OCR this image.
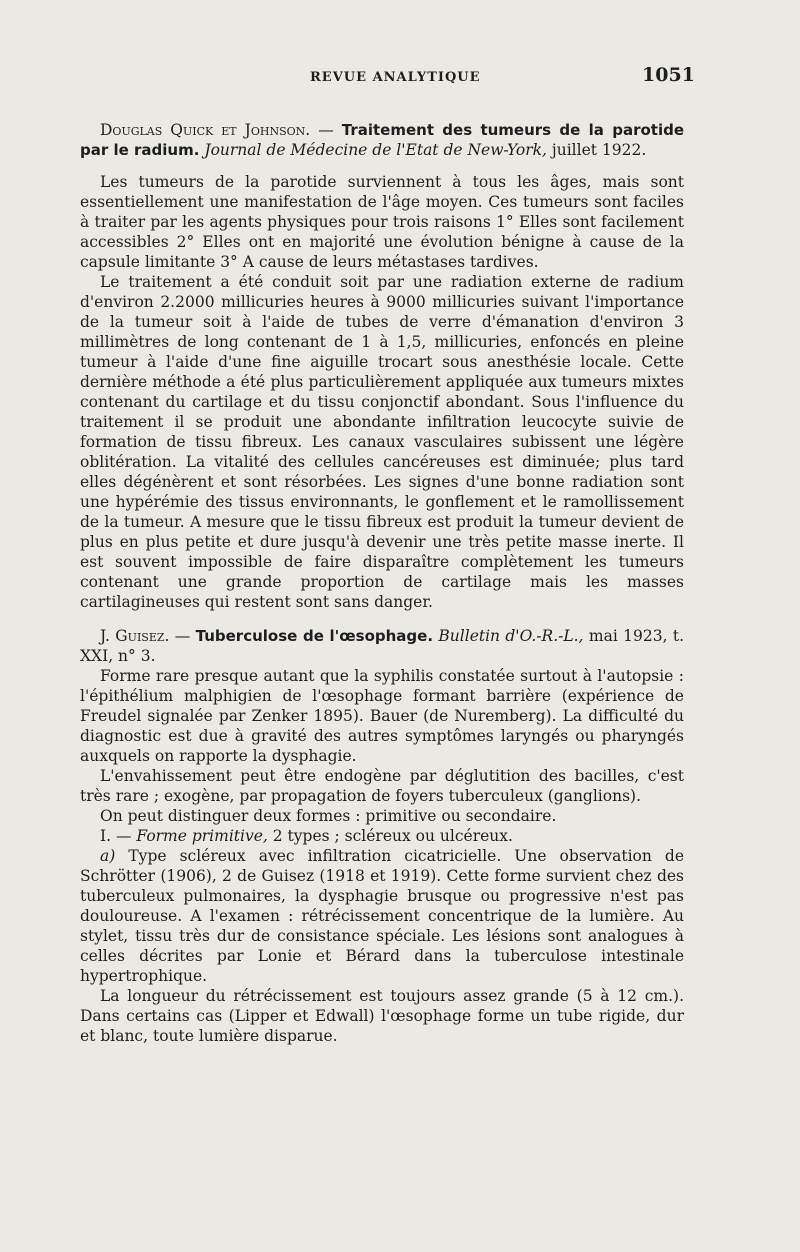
REVUE ANALYTIQUE	1051

Douglas Quick et Johnson. — Traitement des tumeurs de la parotide par le radium. Journal de Médecine de l'Etat de New-York, juillet 1922.

Les tumeurs de la parotide surviennent à tous les âges, mais sont essentiellement une manifestation de l'âge moyen. Ces tumeurs sont faciles à traiter par les agents physiques pour trois raisons 1° Elles sont facilement accessibles 2° Elles ont en majorité une évolution bénigne à cause de la capsule limitante 3° A cause de leurs métastases tardives.

Le traitement a été conduit soit par une radiation externe de radium d'environ 2.2000 millicuries heures à 9000 millicuries suivant l'importance de la tumeur soit à l'aide de tubes de verre d'émanation d'environ 3 millimètres de long contenant de 1 à 1,5, millicuries, enfoncés en pleine tumeur à l'aide d'une fine aiguille trocart sous anesthésie locale. Cette dernière méthode a été plus particulièrement appliquée aux tumeurs mixtes contenant du cartilage et du tissu conjonctif abondant. Sous l'influence du traitement il se produit une abondante infiltration leucocyte suivie de formation de tissu fibreux. Les canaux vasculaires subissent une légère oblitération. La vitalité des cellules cancéreuses est diminuée; plus tard elles dégénèrent et sont résorbées. Les signes d'une bonne radiation sont une hypérémie des tissus environnants, le gonflement et le ramollissement de la tumeur. A mesure que le tissu fibreux est produit la tumeur devient de plus en plus petite et dure jusqu'à devenir une très petite masse inerte. Il est souvent impossible de faire disparaître complètement les tumeurs contenant une grande proportion de cartilage mais les masses cartilagineuses qui restent sont sans danger.

J. Guisez. — Tuberculose de l'œsophage. Bulletin d'O.-R.-L., mai 1923, t. XXI, n° 3.

Forme rare presque autant que la syphilis constatée surtout à l'autopsie : l'épithélium malphigien de l'œsophage formant barrière (expérience de Freudel signalée par Zenker 1895). Bauer (de Nuremberg). La difficulté du diagnostic est due à gravité des autres symptômes laryngés ou pharyngés auxquels on rapporte la dysphagie.

L'envahissement peut être endogène par déglutition des bacilles, c'est très rare ; exogène, par propagation de foyers tuberculeux (ganglions).

On peut distinguer deux formes : primitive ou secondaire.

I. — Forme primitive, 2 types ; scléreux ou ulcéreux.

a) Type scléreux avec infiltration cicatricielle. Une observation de Schrötter (1906), 2 de Guisez (1918 et 1919). Cette forme survient chez des tuberculeux pulmonaires, la dysphagie brusque ou progressive n'est pas douloureuse. A l'examen : rétrécissement concentrique de la lumière. Au stylet, tissu très dur de consistance spéciale. Les lésions sont analogues à celles décrites par Lonie et Bérard dans la tuberculose intestinale hypertrophique.

La longueur du rétrécissement est toujours assez grande (5 à 12 cm.). Dans certains cas (Lipper et Edwall) l'œsophage forme un tube rigide, dur et blanc, toute lumière disparue.
